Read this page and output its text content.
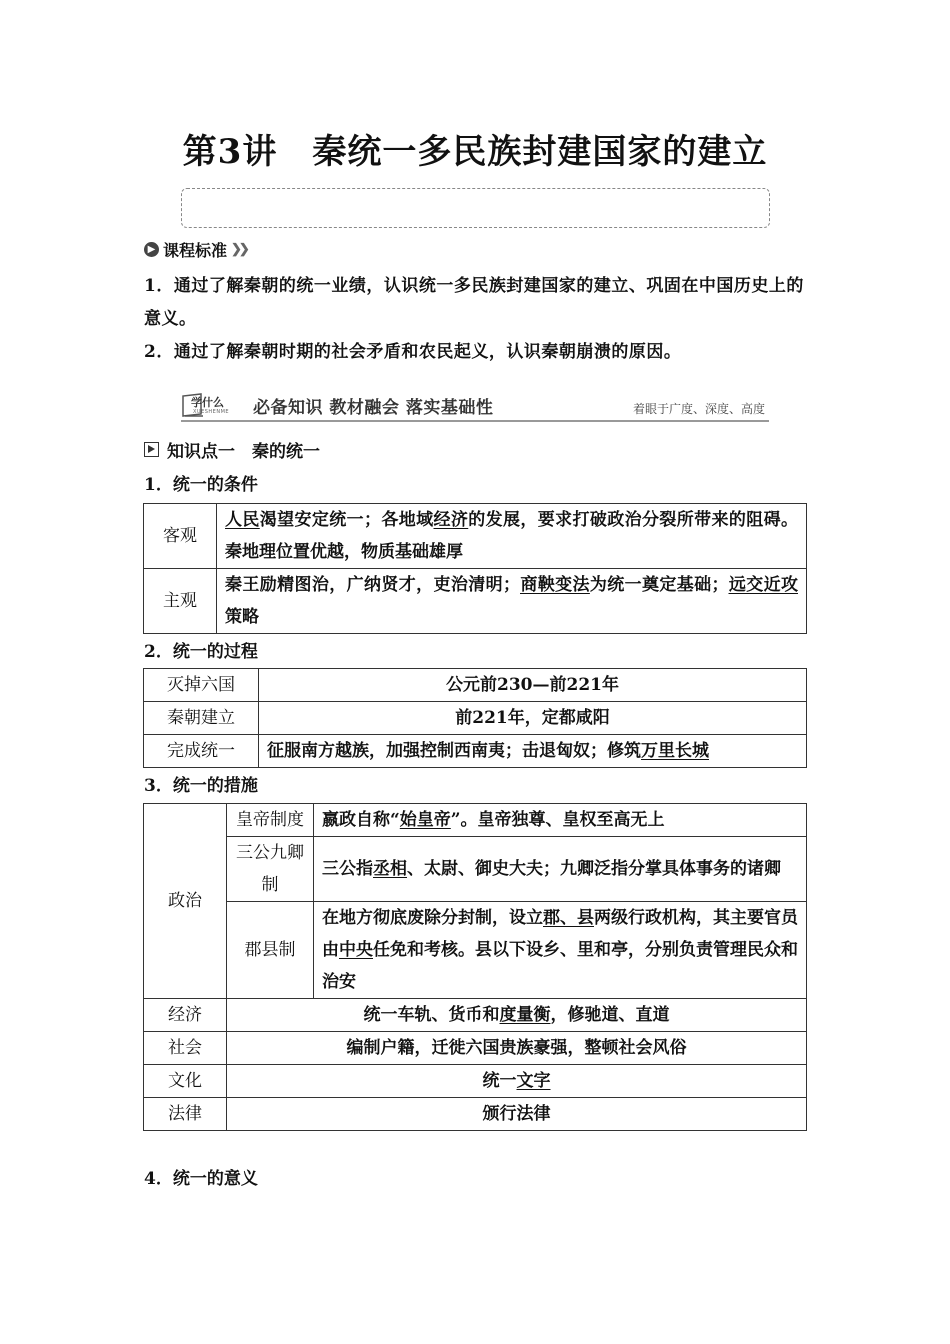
第3讲　秦统一多民族封建国家的建立
▶ 课程标准 ❯❯
1．通过了解秦朝的统一业绩，认识统一多民族封建国家的建立、巩固在中国历史上的意义。
2．通过了解秦朝时期的社会矛盾和农民起义，认识秦朝崩溃的原因。
学什么
XUESHENME 必备知识 教材融会 落实基础性	着眼于广度、深度、高度
知识点一　秦的统一
1．统一的条件
客观	人民渴望安定统一；各地域经济的发展，要求打破政治分裂所带来的阻碍。秦地理位置优越，物质基础雄厚
主观	秦王励精图治，广纳贤才，吏治清明；商鞅变法为统一奠定基础；远交近攻策略
2．统一的过程
灭掉六国	公元前230—前221年
秦朝建立	前221年，定都咸阳
完成统一	征服南方越族，加强控制西南夷；击退匈奴；修筑万里长城
3．统一的措施
政治	皇帝制度	嬴政自称“始皇帝”。皇帝独尊、皇权至高无上
	三公九卿制	三公指丞相、太尉、御史大夫；九卿泛指分掌具体事务的诸卿
	郡县制	在地方彻底废除分封制，设立郡、县两级行政机构，其主要官员由中央任免和考核。县以下设乡、里和亭，分别负责管理民众和治安
经济	统一车轨、货币和度量衡，修驰道、直道	
社会	编制户籍，迁徙六国贵族豪强，整顿社会风俗	
文化	统一文字	
法律	颁行法律	
4．统一的意义
